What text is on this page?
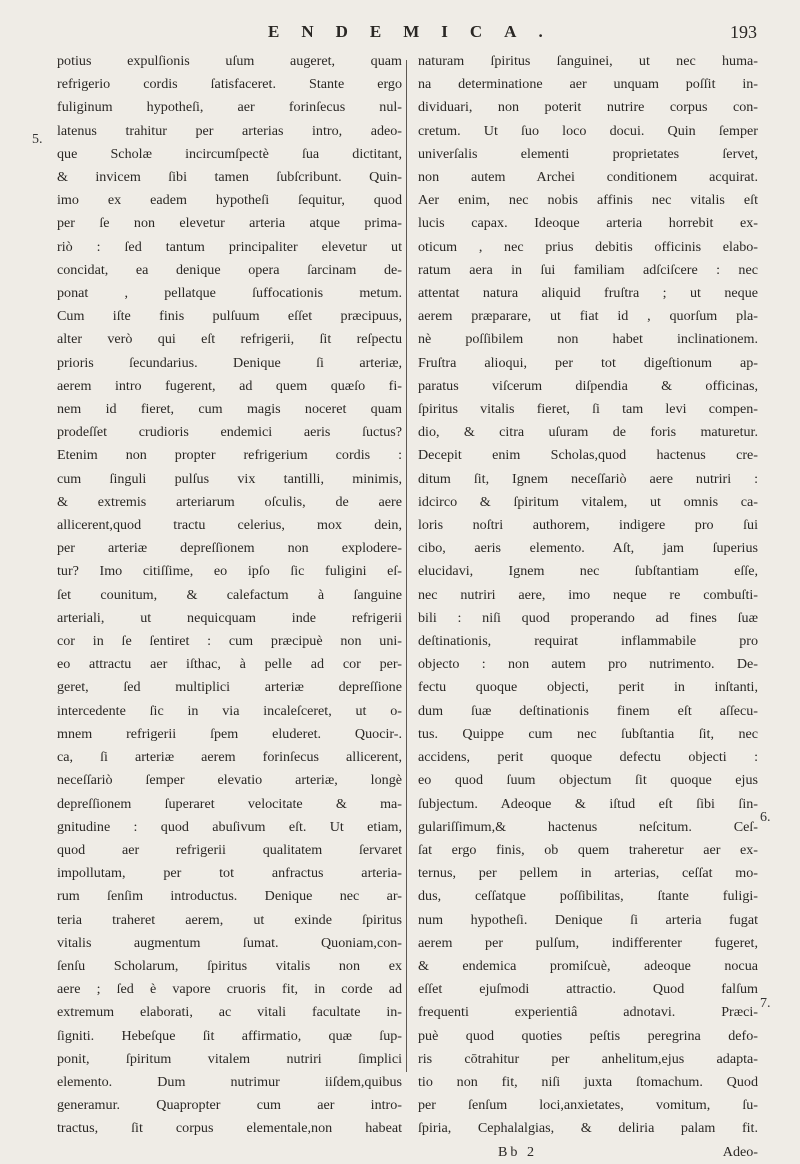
ENDEMICA.	193
5.
6.
7.
potius expulſionis uſum augeret, quam
refrigerio cordis ſatisfaceret. Stante ergo
fuliginum hypotheſi, aer forinſecus nul-
latenus trahitur per arterias intro, adeo-
que Scholæ incircumſpectè ſua dictitant,
& invicem ſibi tamen ſubſcribunt. Quin-
imo ex eadem hypotheſi ſequitur, quod
per ſe non elevetur arteria atque prima-
riò : ſed tantum principaliter elevetur ut
concidat, ea denique opera ſarcinam de-
ponat , pellatque ſuffocationis metum.
Cum iſte finis pulſuum eſſet præcipuus,
alter verò qui eſt refrigerii, ſit reſpectu
prioris ſecundarius. Denique ſi arteriæ,
aerem intro fugerent, ad quem quæſo fi-
nem id fieret, cum magis noceret quam
prodeſſet crudioris endemici aeris ſuctus?
Etenim non propter refrigerium cordis :
cum ſinguli pulſus vix tantilli, minimis,
& extremis arteriarum oſculis, de aere
allicerent,quod tractu celerius, mox dein,
per arteriæ depreſſionem non explodere-
tur? Imo citiſſime, eo ipſo ſic fuligini eſ-
ſet counitum, & calefactum à ſanguine
arteriali, ut nequicquam inde refrigerii
cor in ſe ſentiret : cum præcipuè non uni-
eo attractu aer iſthac, à pelle ad cor per-
geret, ſed multiplici arteriæ depreſſione
intercedente ſic in via incaleſceret, ut o-
mnem refrigerii ſpem eluderet. Quocir-.
ca, ſi arteriæ aerem forinſecus allicerent,
neceſſariò ſemper elevatio arteriæ, longè
depreſſionem ſuperaret velocitate & ma-
gnitudine : quod abuſivum eſt. Ut etiam,
quod aer refrigerii qualitatem ſervaret
impollutam, per tot anfractus arteria-
rum ſenſim introductus. Denique nec ar-
teria traheret aerem, ut exinde ſpiritus
vitalis augmentum ſumat. Quoniam,con-
ſenſu Scholarum, ſpiritus vitalis non ex
aere ; ſed è vapore cruoris fit, in corde ad
extremum elaborati, ac vitali facultate in-
ſigniti. Hebeſque ſit affirmatio, quæ ſup-
ponit, ſpiritum vitalem nutriri ſimplici
elemento. Dum nutrimur iiſdem,quibus
generamur. Quapropter cum aer intro-
tractus, ſit corpus elementale,non habeat
naturam ſpiritus ſanguinei, ut nec huma-
na determinatione aer unquam poſſit in-
dividuari, non poterit nutrire corpus con-
cretum. Ut ſuo loco docui. Quin ſemper
univerſalis elementi proprietates ſervet,
non autem Archei conditionem acquirat.
Aer enim, nec nobis affinis nec vitalis eſt
lucis capax. Ideoque arteria horrebit ex-
oticum , nec prius debitis officinis elabo-
ratum aera in ſui familiam adſciſcere : nec
attentat natura aliquid fruſtra ; ut neque
aerem præparare, ut fiat id , quorſum pla-
nè poſſibilem non habet inclinationem.
Fruſtra alioqui, per tot digeſtionum ap-
paratus viſcerum diſpendia & officinas,
ſpiritus vitalis fieret, ſi tam levi compen-
dio, & citra uſuram de foris maturetur.
Decepit enim Scholas,quod hactenus cre-
ditum ſit, Ignem neceſſariò aere nutriri :
idcirco & ſpiritum vitalem, ut omnis ca-
loris noſtri authorem, indigere pro ſui
cibo, aeris elemento. Aſt, jam ſuperius
elucidavi, Ignem nec ſubſtantiam eſſe,
nec nutriri aere, imo neque re combuſti-
bili : niſi quod properando ad fines ſuæ
deſtinationis, requirat inflammabile pro
objecto : non autem pro nutrimento. De-
fectu quoque objecti, perit in inſtanti,
dum ſuæ deſtinationis finem eſt aſſecu-
tus. Quippe cum nec ſubſtantia ſit, nec
accidens, perit quoque defectu objecti :
eo quod ſuum objectum ſit quoque ejus
ſubjectum. Adeoque & iſtud eſt ſibi ſin-
gulariſſimum,& hactenus neſcitum. Ceſ-
ſat ergo finis, ob quem traheretur aer ex-
ternus, per pellem in arterias, ceſſat mo-
dus, ceſſatque poſſibilitas, ſtante fuligi-
num hypotheſi. Denique ſi arteria fugat
aerem per pulſum, indifferenter fugeret,
& endemica promiſcuè, adeoque nocua
eſſet ejuſmodi attractio. Quod falſum
frequenti experientiâ adnotavi. Præci-
puè quod quoties peſtis peregrina defo-
ris cōtrahitur per anhelitum,ejus adapta-
tio non fit, niſi juxta ſtomachum. Quod
per ſenſum loci,anxietates, vomitum, ſu-
ſpiria, Cephalalgias, & deliria palam fit.
Bb 2	Adeo-
